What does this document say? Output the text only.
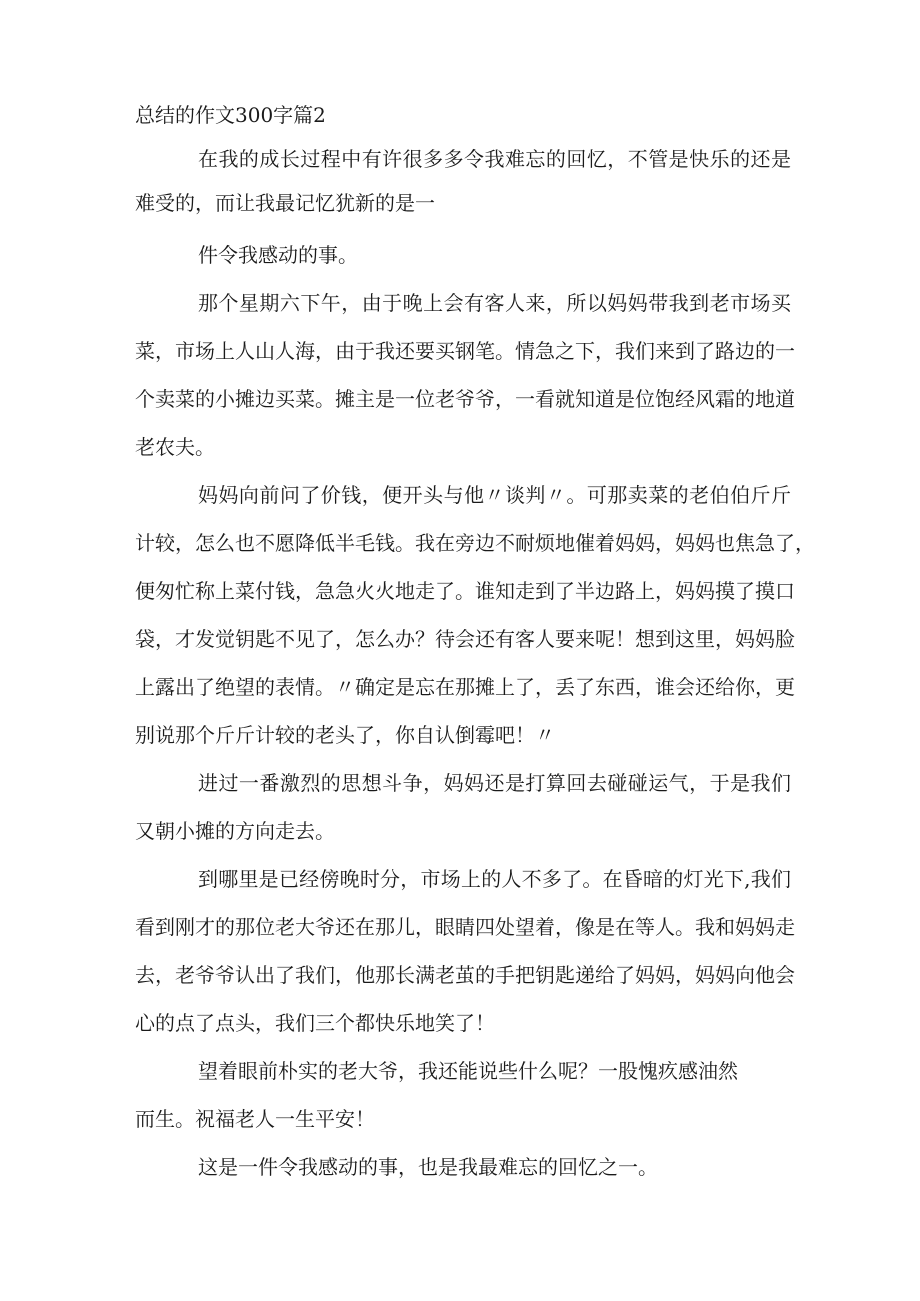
总结的作文300字篇2
在我的成长过程中有许很多多令我难忘的回忆，不管是快乐的还是
难受的，而让我最记忆犹新的是一
件令我感动的事。
那个星期六下午，由于晚上会有客人来，所以妈妈带我到老市场买
菜，市场上人山人海，由于我还要买钢笔。情急之下，我们来到了路边的一
个卖菜的小摊边买菜。摊主是一位老爷爷，一看就知道是位饱经风霜的地道
老农夫。
妈妈向前问了价钱，便开头与他〃谈判〃。可那卖菜的老伯伯斤斤
计较，怎么也不愿降低半毛钱。我在旁边不耐烦地催着妈妈，妈妈也焦急了，
便匆忙称上菜付钱，急急火火地走了。谁知走到了半边路上，妈妈摸了摸口
袋，才发觉钥匙不见了，怎么办？待会还有客人要来呢！想到这里，妈妈脸
上露出了绝望的表情。〃确定是忘在那摊上了，丢了东西，谁会还给你，更
别说那个斤斤计较的老头了，你自认倒霉吧！〃
进过一番激烈的思想斗争，妈妈还是打算回去碰碰运气，于是我们
又朝小摊的方向走去。
到哪里是已经傍晚时分，市场上的人不多了。在昏暗的灯光下,我们
看到刚才的那位老大爷还在那儿，眼睛四处望着，像是在等人。我和妈妈走
去，老爷爷认出了我们，他那长满老茧的手把钥匙递给了妈妈，妈妈向他会
心的点了点头，我们三个都快乐地笑了！
望着眼前朴实的老大爷，我还能说些什么呢？一股愧疚感油然
而生。祝福老人一生平安！
这是一件令我感动的事，也是我最难忘的回忆之一。
